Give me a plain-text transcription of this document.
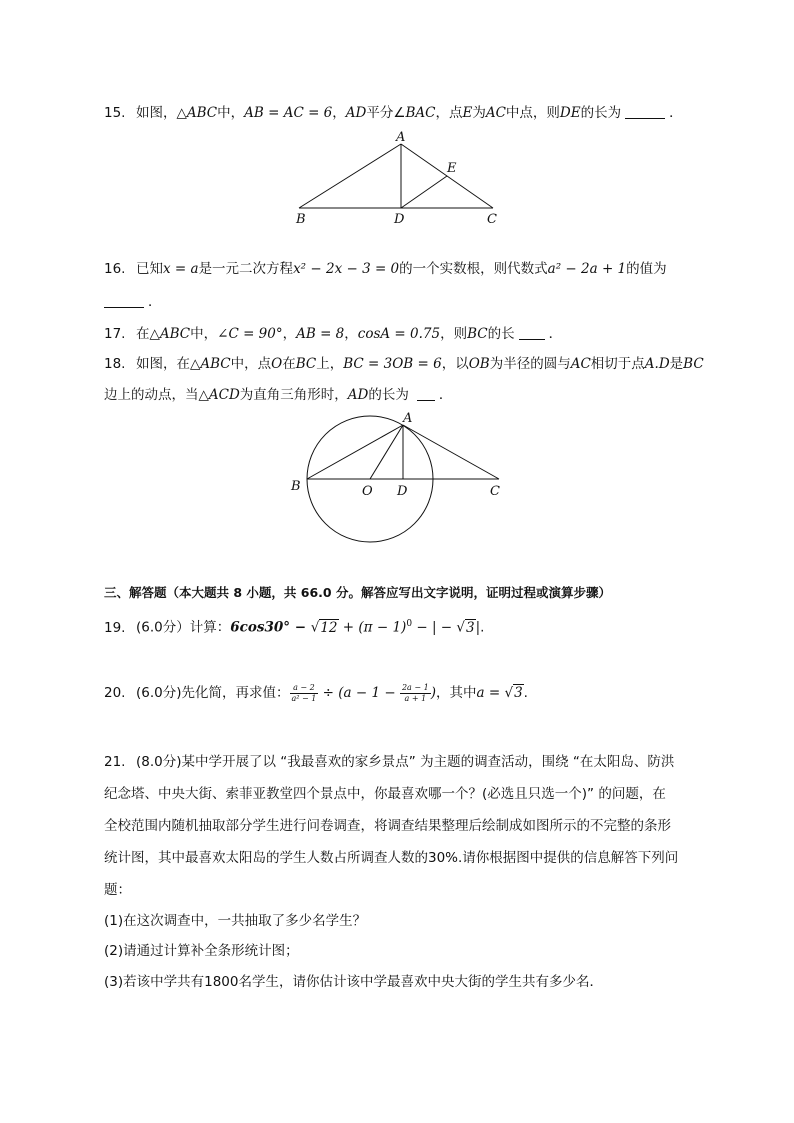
15. 如图，△ABC中，AB = AC = 6，AD平分∠BAC，点E为AC中点，则DE的长为	．
A
B	D	C
E
16. 已知x = a是一元二次方程x² − 2x − 3 = 0的一个实数根，则代数式a² − 2a + 1的值为
．
17. 在△ABC中，∠C = 90°，AB = 8，cosA = 0.75，则BC的长	．
18. 如图，在△ABC中，点O在BC上，BC = 3OB = 6，以OB为半径的圆与AC相切于点A.D是BC
边上的动点，当△ACD为直角三角形时，AD的长为 ．
A
B	O D	C
三、解答题（本大题共 8 小题，共 66.0 分。解答应写出文字说明，证明过程或演算步骤）
19. (6.0分）计算：$6\cos 30^\circ - √12 + (\pi - 1)^0$ − | − √3|.
20. (6.0分)先化简，再求值： $\frac{a - 2}{\text{a² − 1}} \div (a - 1 - \frac{2a - 1}{a + 1}$ )，其中a = √3.
21. (8.0分)某中学开展了以 “我最喜欢的家乡景点” 为主题的调查活动，围绕 “在太阳岛、防洪
纪念塔、中央大街、索菲亚教堂四个景点中，你最喜欢哪一个？(必选且只选一个)” 的问题，在
全校范围内随机抽取部分学生进行问卷调查，将调查结果整理后绘制成如图所示的不完整的条形
统计图，其中最喜欢太阳岛的学生人数占所调查人数的30%.请你根据图中提供的信息解答下列问
题：
(1)在这次调查中，一共抽取了多少名学生？
(2)请通过计算补全条形统计图；
(3)若该中学共有1800名学生，请你估计该中学最喜欢中央大街的学生共有多少名．
